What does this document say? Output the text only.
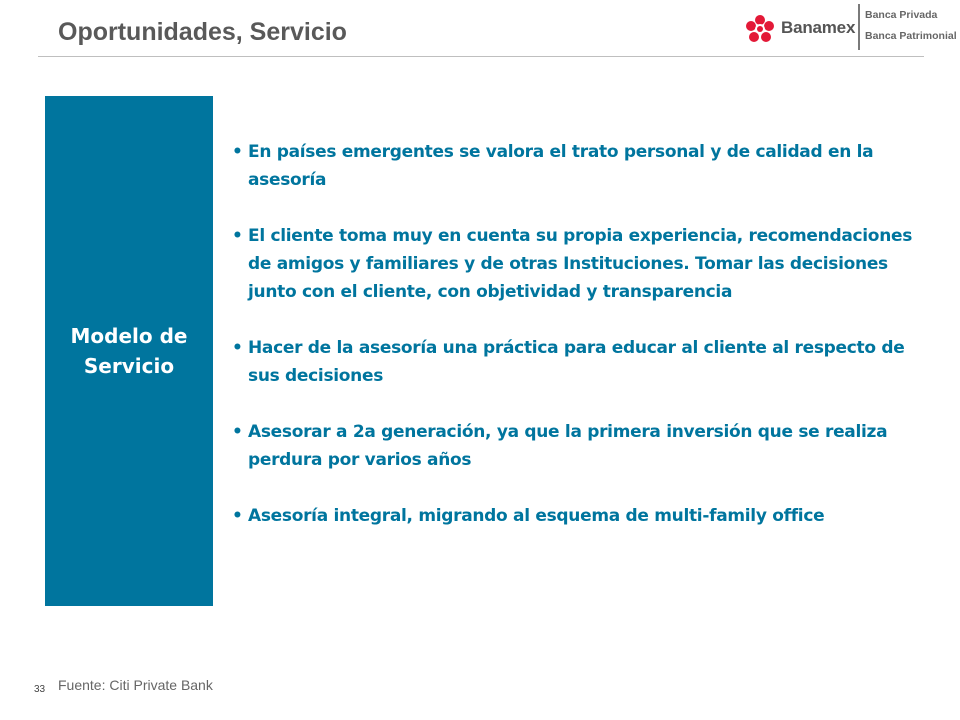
Oportunidades, Servicio	Banamex
Banca Privada
Banca Patrimonial
Modelo de
Servicio
• En países emergentes se valora el trato personal y de calidad en la asesoría
• El cliente toma muy en cuenta su propia experiencia, recomendaciones de amigos y familiares y de otras Instituciones. Tomar las decisiones junto con el cliente, con objetividad y transparencia
• Hacer de la asesoría una práctica para educar al cliente al respecto de sus decisiones
• Asesorar a 2a generación, ya que la primera inversión que se realiza perdura por varios años
• Asesoría integral, migrando al esquema de multi-family office
33 Fuente: Citi Private Bank
